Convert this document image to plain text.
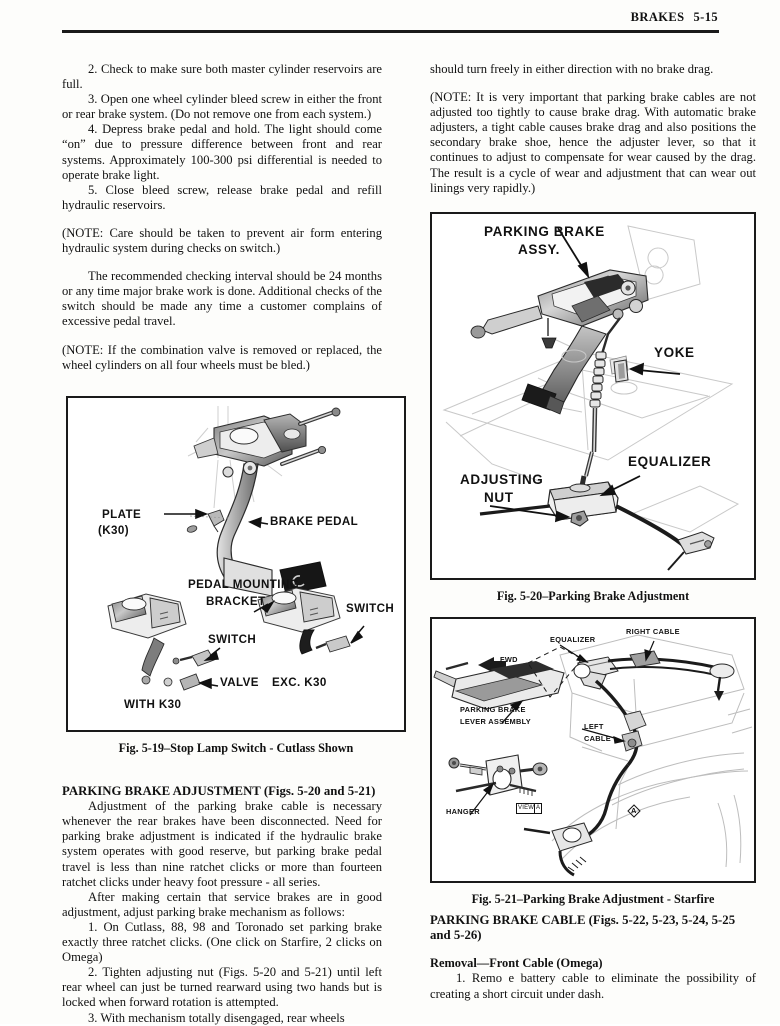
BRAKES 5-15

2. Check to make sure both master cylinder reservoirs are full.

3. Open one wheel cylinder bleed screw in either the front or rear brake system. (Do not remove one from each system.)

4. Depress brake pedal and hold. The light should come “on” due to pressure difference between front and rear systems. Approximately 100-300 psi differential is needed to operate brake light.

5. Close bleed screw, release brake pedal and refill hydraulic reservoirs.

(NOTE: Care should be taken to prevent air form entering hydraulic system during checks on switch.)

The recommended checking interval should be 24 months or any time major brake work is done. Additional checks of the switch should be made any time a customer complains of excessive pedal travel.

(NOTE: If the combination valve is removed or replaced, the wheel cylinders on all four wheels must be bled.)

PLATE
(K30)
BRAKE PEDAL
PEDAL MOUNTING
BRACKET
SWITCH
SWITCH
VALVE EXC. K30
WITH K30
Fig. 5-19–Stop Lamp Switch - Cutlass Shown
PARKING BRAKE ADJUSTMENT (Figs. 5-20 and 5-21)

Adjustment of the parking brake cable is necessary whenever the rear brakes have been disconnected. Need for parking brake adjustment is indicated if the hydraulic brake system operates with good reserve, but parking brake pedal travel is less than nine ratchet clicks or more than fourteen ratchet clicks under heavy foot pressure - all series.

After making certain that service brakes are in good adjustment, adjust parking brake mechanism as follows:

1. On Cutlass, 88, 98 and Toronado set parking brake exactly three ratchet clicks. (One click on Starfire, 2 clicks on Omega)

2. Tighten adjusting nut (Figs. 5-20 and 5-21) until left rear wheel can just be turned rearward using two hands but is locked when forward rotation is attempted.

3. With mechanism totally disengaged, rear wheels

should turn freely in either direction with no brake drag.

(NOTE: It is very important that parking brake cables are not adjusted too tightly to cause brake drag. With automatic brake adjusters, a tight cable causes brake drag and also positions the secondary brake shoe, hence the adjuster lever, so that it continues to adjust to compensate for wear caused by the drag. The result is a cycle of wear and adjustment that can wear out linings very rapidly.)

PARKING BRAKE
ASSY.
YOKE
EQUALIZER
ADJUSTING
NUT
Fig. 5-20–Parking Brake Adjustment
FWD
EQUALIZER
RIGHT CABLE
PARKING BRAKE
LEVER ASSEMBLY
LEFT
CABLE
HANGER	VIEW A	A
Fig. 5-21–Parking Brake Adjustment - Starfire
PARKING BRAKE CABLE (Figs. 5-22, 5-23, 5-24, 5-25 and 5-26)
Removal—Front Cable (Omega)

1. Remo e battery cable to eliminate the possibility of creating a short circuit under dash.
